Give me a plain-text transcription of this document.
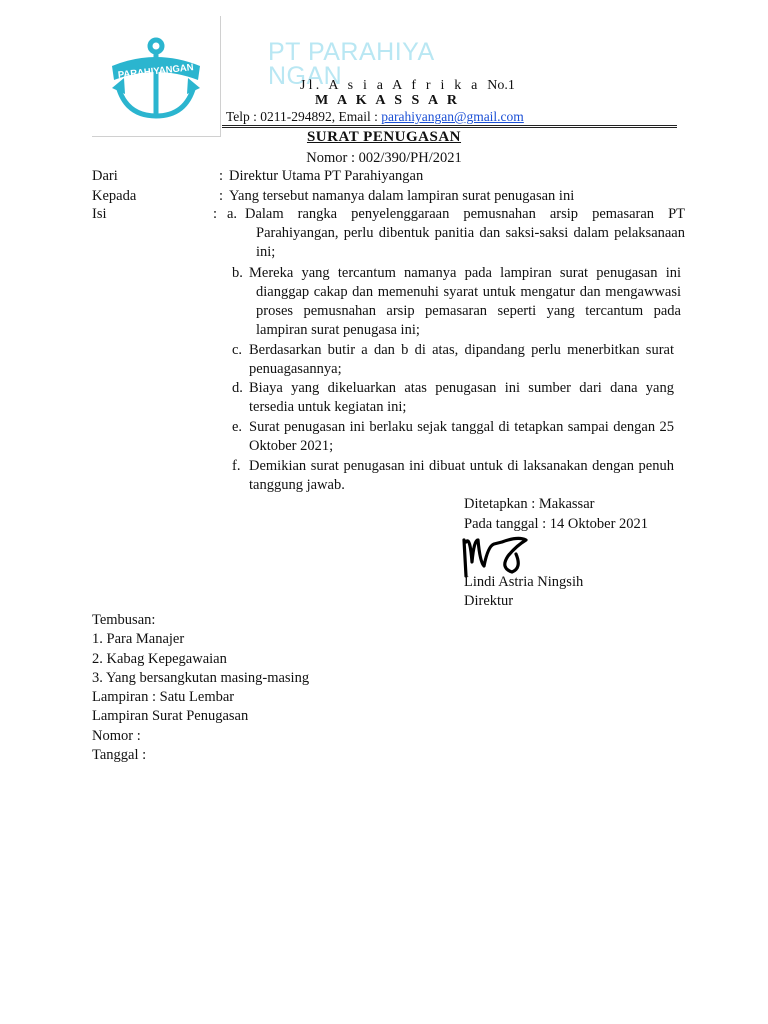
PARAHIYANGAN
PT PARAHIYANGAN
Jl. A s i a A f r i k a No.1
M A K A S S A R
Telp : 0211-294892, Email : parahiyangan@gmail.com
SURAT PENUGASAN
Nomor : 002/390/PH/2021
Dari	: Direktur Utama PT Parahiyangan
Kepada	: Yang tersebut namanya dalam lampiran surat penugasan ini
Isi	: a. Dalam rangka penyelenggaraan pemusnahan arsip pemasaran PT Parahiyangan, perlu dibentuk panitia dan saksi-saksi dalam pelaksanaan ini;
b. Mereka yang tercantum namanya pada lampiran surat penugasan ini dianggap cakap dan memenuhi syarat untuk mengatur dan mengawwasi proses pemusnahan arsip pemasaran seperti yang tercantum pada lampiran surat penugasa ini;
c. Berdasarkan butir a dan b di atas, dipandang perlu menerbitkan surat penuagasannya;
d. Biaya yang dikeluarkan atas penugasan ini sumber dari dana yang tersedia untuk kegiatan ini;
e. Surat penugasan ini berlaku sejak tanggal di tetapkan sampai dengan 25 Oktober 2021;
f. Demikian surat penugasan ini dibuat untuk di laksanakan dengan penuh tanggung jawab.
Ditetapkan : Makassar
Pada tanggal : 14 Oktober 2021
Lindi Astria Ningsih
Direktur
Tembusan:
1. Para Manajer
2. Kabag Kepegawaian
3. Yang bersangkutan masing-masing
Lampiran : Satu Lembar
Lampiran Surat Penugasan
Nomor :
Tanggal :
